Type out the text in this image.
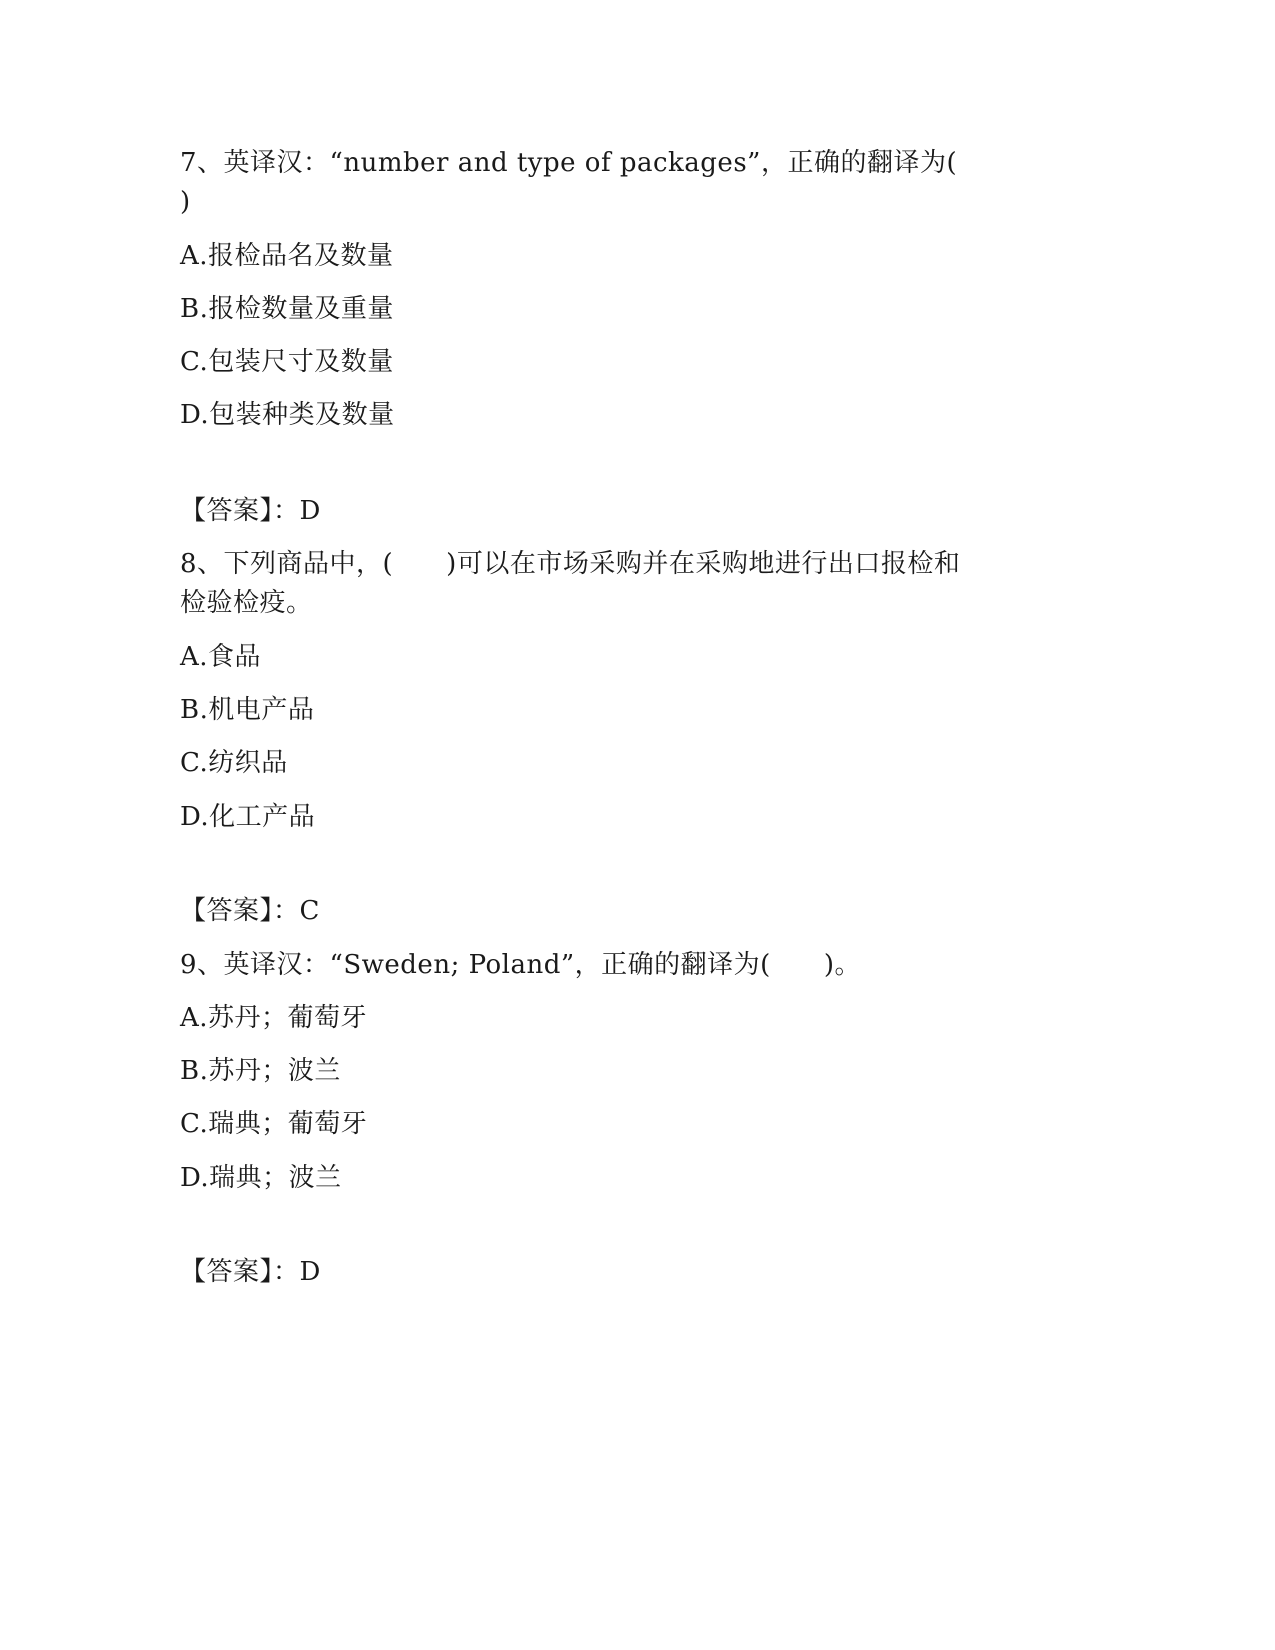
7、英译汉：“number and type of packages”，正确的翻译为(
)
A.报检品名及数量
B.报检数量及重量
C.包装尺寸及数量
D.包装种类及数量
【答案】：D
8、下列商品中，(　　)可以在市场采购并在采购地进行出口报检和
检验检疫。
A.食品
B.机电产品
C.纺织品
D.化工产品
【答案】：C
9、英译汉：“Sweden; Poland”，正确的翻译为(　　)。
A.苏丹；葡萄牙
B.苏丹；波兰
C.瑞典；葡萄牙
D.瑞典；波兰
【答案】：D
